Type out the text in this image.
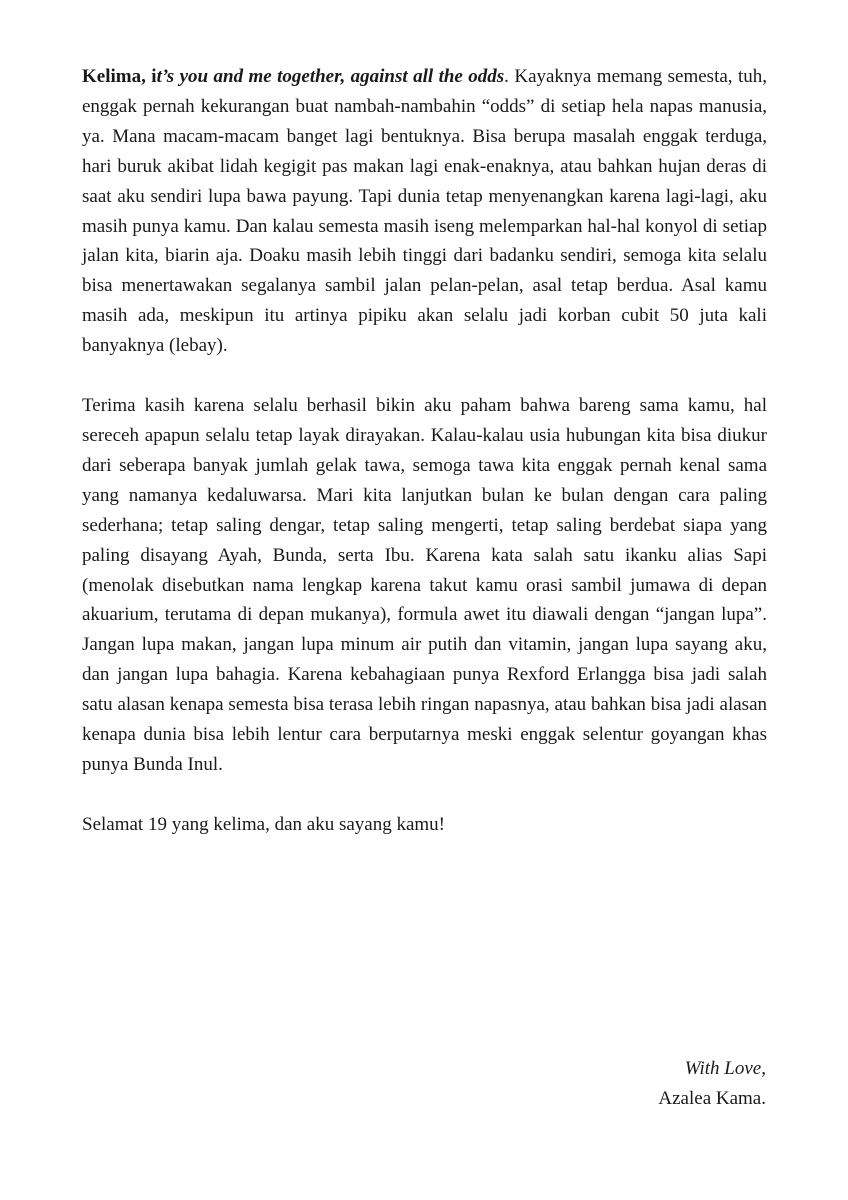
Kelima, it’s you and me together, against all the odds. Kayaknya memang semesta, tuh, enggak pernah kekurangan buat nambah-nambahin “odds” di setiap hela napas manusia, ya. Mana macam-macam banget lagi bentuknya. Bisa berupa masalah enggak terduga, hari buruk akibat lidah kegigit pas makan lagi enak-enaknya, atau bahkan hujan deras di saat aku sendiri lupa bawa payung. Tapi dunia tetap menyenangkan karena lagi-lagi, aku masih punya kamu. Dan kalau semesta masih iseng melemparkan hal-hal konyol di setiap jalan kita, biarin aja. Doaku masih lebih tinggi dari badanku sendiri, semoga kita selalu bisa menertawakan segalanya sambil jalan pelan-pelan, asal tetap berdua. Asal kamu masih ada, meskipun itu artinya pipiku akan selalu jadi korban cubit 50 juta kali banyaknya (lebay).

Terima kasih karena selalu berhasil bikin aku paham bahwa bareng sama kamu, hal sereceh apapun selalu tetap layak dirayakan. Kalau-kalau usia hubungan kita bisa diukur dari seberapa banyak jumlah gelak tawa, semoga tawa kita enggak pernah kenal sama yang namanya kedaluwarsa. Mari kita lanjutkan bulan ke bulan dengan cara paling sederhana; tetap saling dengar, tetap saling mengerti, tetap saling berdebat siapa yang paling disayang Ayah, Bunda, serta Ibu. Karena kata salah satu ikanku alias Sapi (menolak disebutkan nama lengkap karena takut kamu orasi sambil jumawa di depan akuarium, terutama di depan mukanya), formula awet itu diawali dengan “jangan lupa”. Jangan lupa makan, jangan lupa minum air putih dan vitamin, jangan lupa sayang aku, dan jangan lupa bahagia. Karena kebahagiaan punya Rexford Erlangga bisa jadi salah satu alasan kenapa semesta bisa terasa lebih ringan napasnya, atau bahkan bisa jadi alasan kenapa dunia bisa lebih lentur cara berputarnya meski enggak selentur goyangan khas punya Bunda Inul.

Selamat 19 yang kelima, dan aku sayang kamu!

With Love,
Azalea Kama.
